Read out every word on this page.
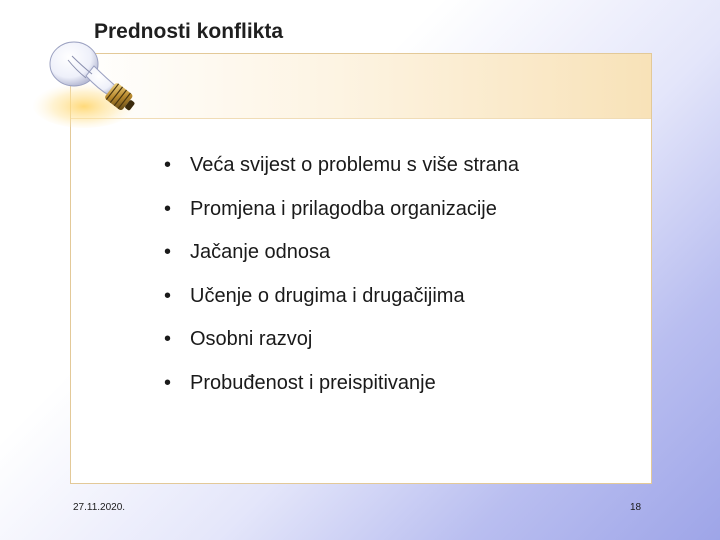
Prednosti konflikta
• Veća svijest o problemu s više strana
• Promjena i prilagodba organizacije
• Jačanje odnosa
• Učenje o drugima i drugačijima
• Osobni razvoj
• Probuđenost i preispitivanje
27.11.2020.	18
